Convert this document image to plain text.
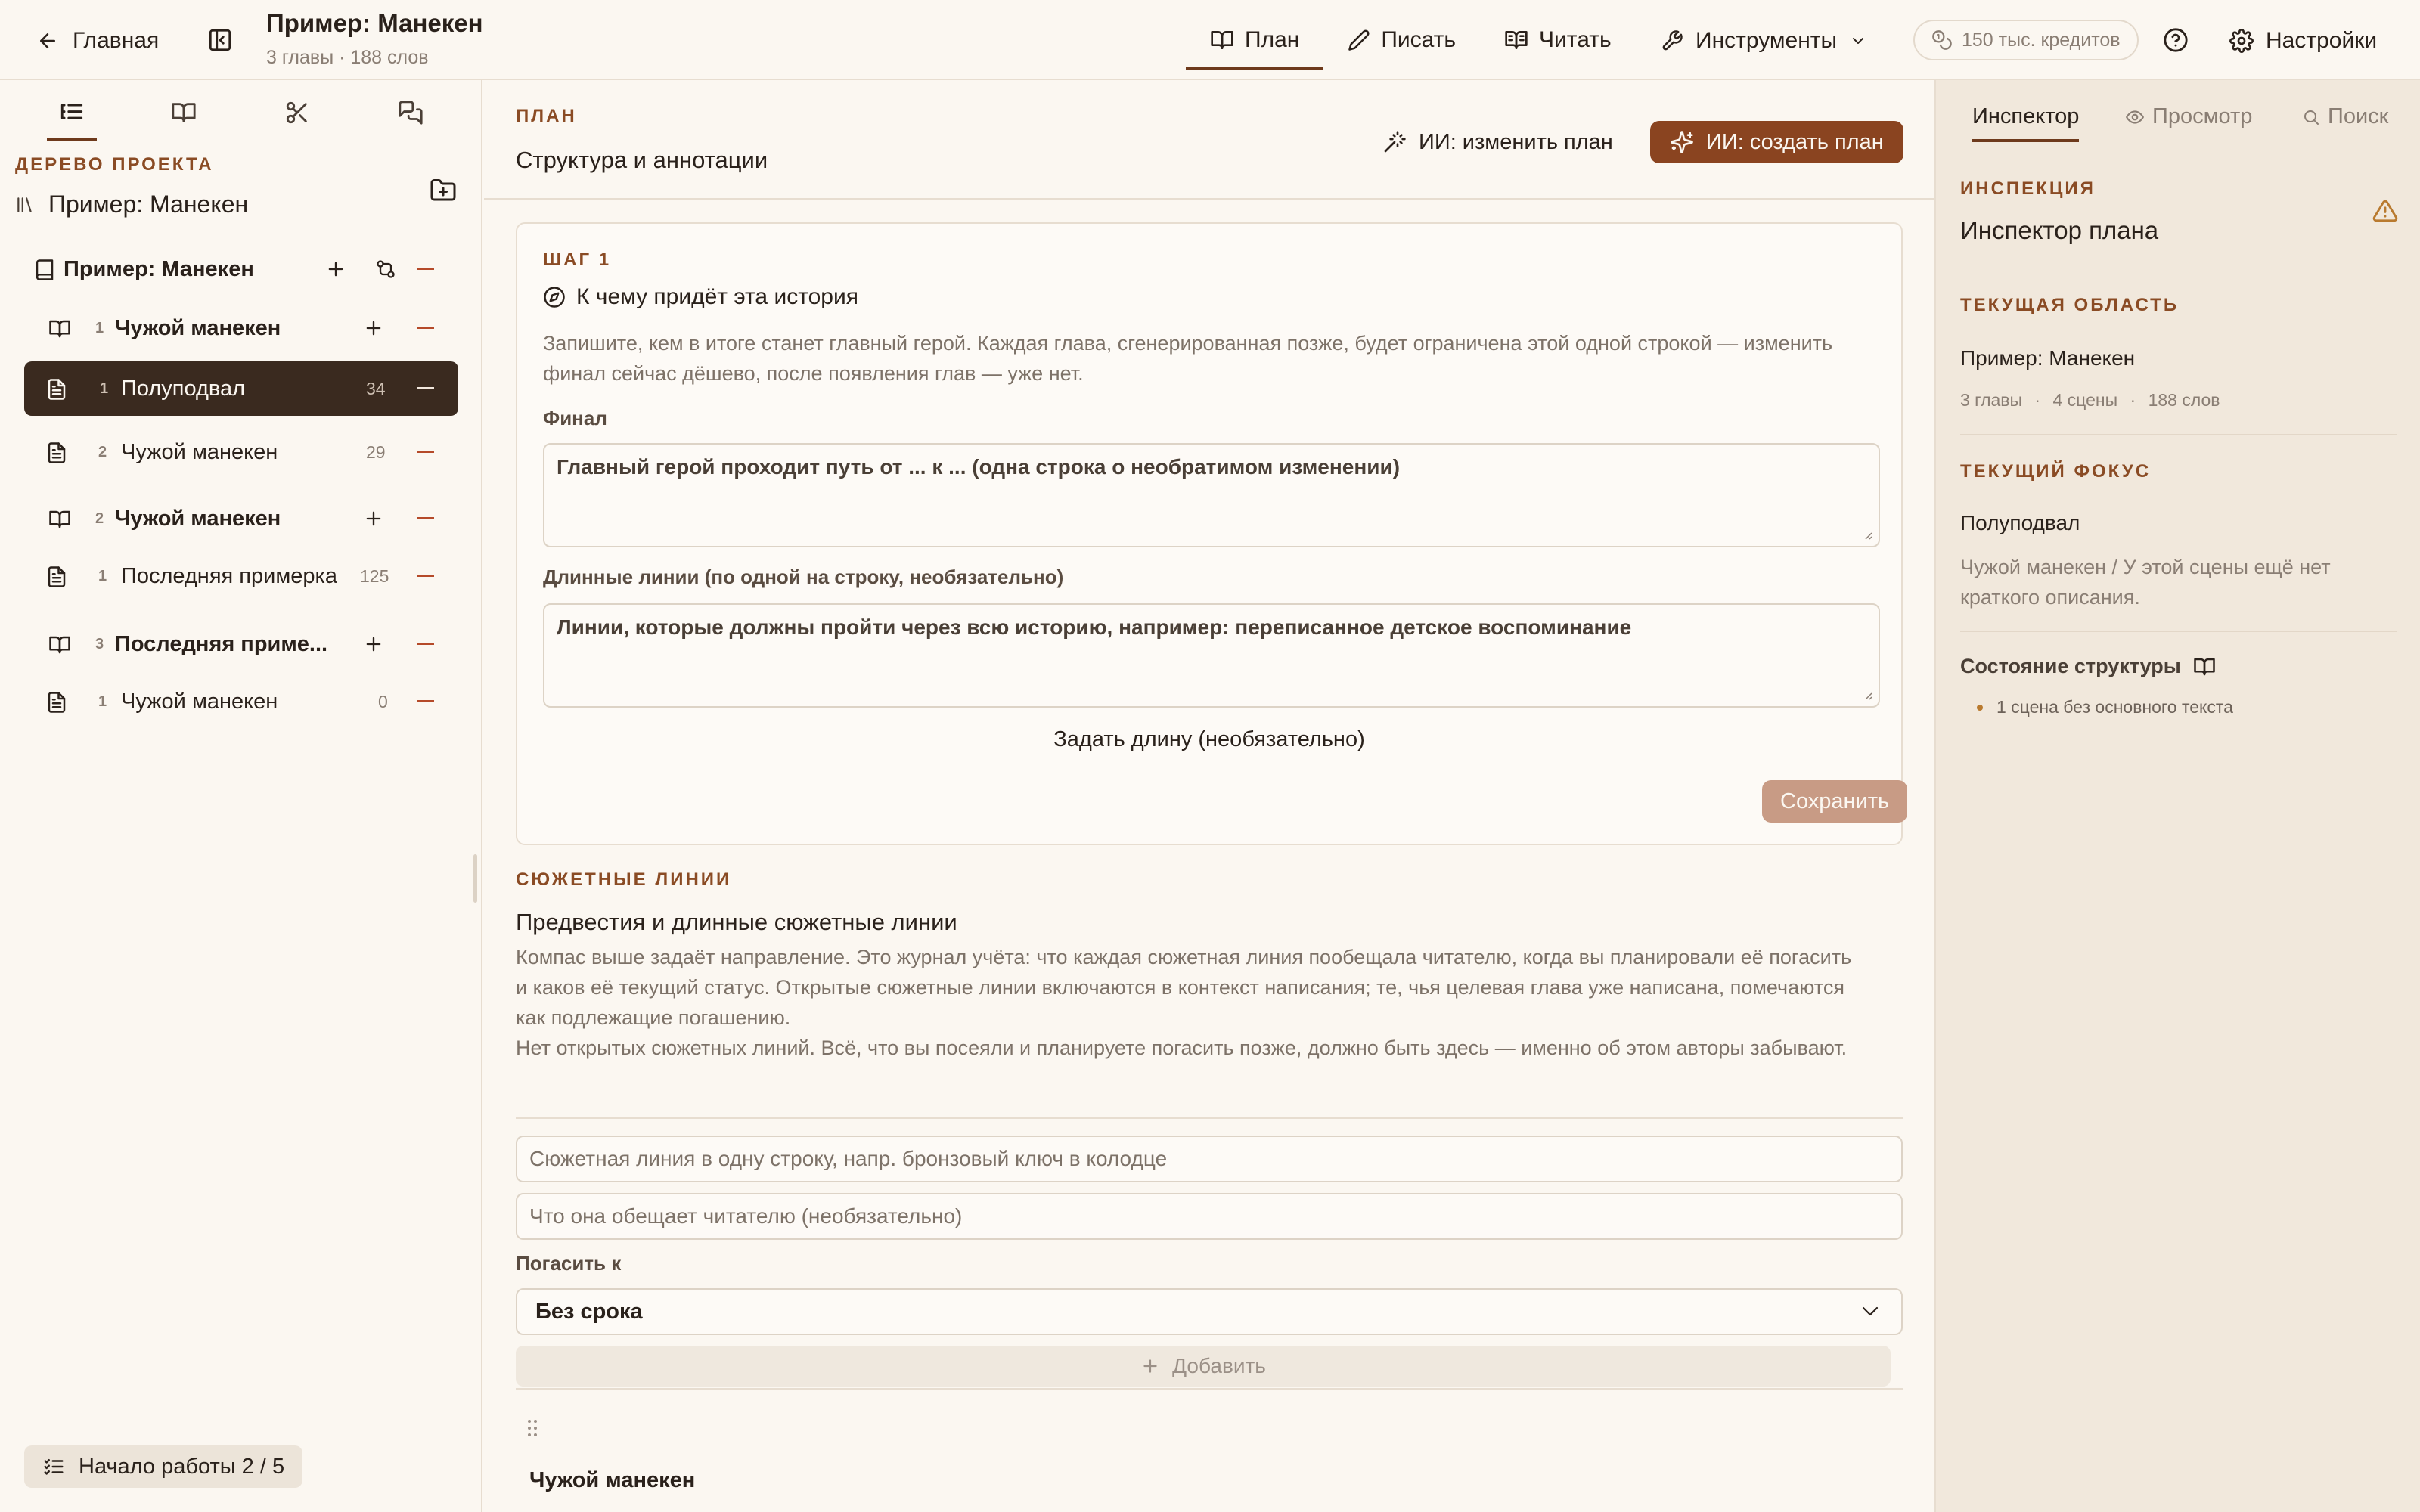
Главная
Пример: Манекен
3 главы · 188 слов
План	Писать	Читать	Инструменты	150 тыс. кредитов	Настройки
ДЕРЕВО ПРОЕКТА
Пример: Манекен
Пример: Манекен
1 Чужой манекен
1 Полуподвал	34
2 Чужой манекен	29
2 Чужой манекен
1 Последняя примерка 125
3 Последняя приме...
1 Чужой манекен	0
Начало работы 2 / 5
ПЛАН
Структура и аннотации
ИИ: изменить план	ИИ: создать план
ШАГ 1
К чему придёт эта история
Запишите, кем в итоге станет главный герой. Каждая глава, сгенерированная позже, будет ограничена этой одной строкой — изменить финал сейчас дёшево, после появления глав — уже нет.
Финал
Главный герой проходит путь от ... к ... (одна строка о необратимом изменении)
Длинные линии (по одной на строку, необязательно)
Линии, которые должны пройти через всю историю, например: переписанное детское воспоминание
Задать длину (необязательно)
Сохранить
СЮЖЕТНЫЕ ЛИНИИ
Предвестия и длинные сюжетные линии
Компас выше задаёт направление. Это журнал учёта: что каждая сюжетная линия пообещала читателю, когда вы планировали её погасить и каков её текущий статус. Открытые сюжетные линии включаются в контекст написания; те, чья целевая глава уже написана, помечаются как подлежащие погашению.
Нет открытых сюжетных линий. Всё, что вы посеяли и планируете погасить позже, должно быть здесь — именно об этом авторы забывают.
Сюжетная линия в одну строку, напр. бронзовый ключ в колодце
Что она обещает читателю (необязательно)
Погасить к
Без срока
Добавить
Чужой манекен
Инспектор	Просмотр	Поиск
ИНСПЕКЦИЯ
Инспектор плана
ТЕКУЩАЯ ОБЛАСТЬ
Пример: Манекен
3 главы · 4 сцены · 188 слов
ТЕКУЩИЙ ФОКУС
Полуподвал
Чужой манекен / У этой сцены ещё нет краткого описания.
Состояние структуры
1 сцена без основного текста
